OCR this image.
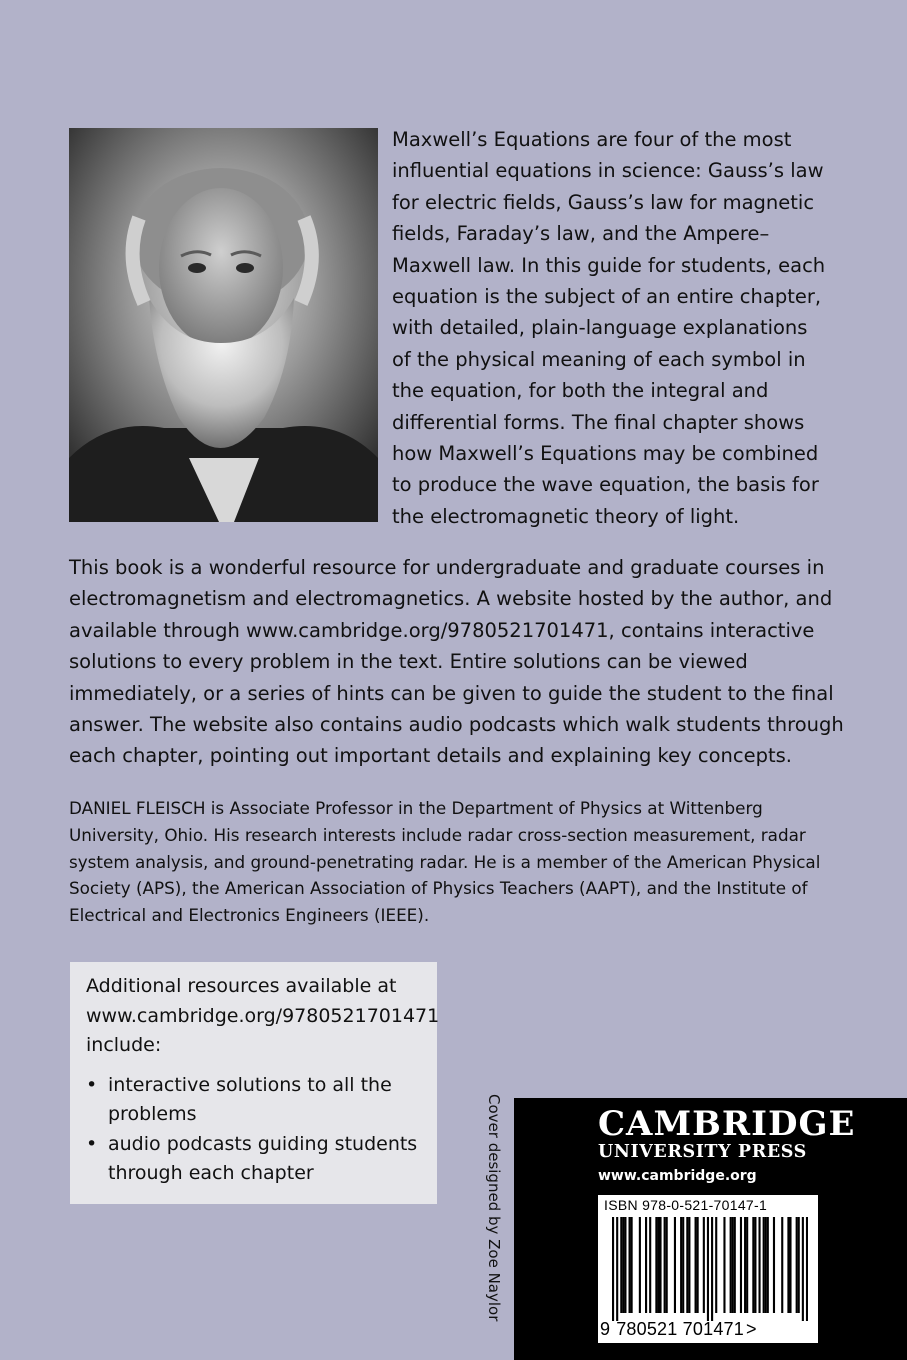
Maxwell’s Equations are four of the most influential equations in science: Gauss’s law for electric fields, Gauss’s law for magnetic fields, Faraday’s law, and the Ampere–Maxwell law. In this guide for students, each equation is the subject of an entire chapter, with detailed, plain-language explanations of the physical meaning of each symbol in the equation, for both the integral and differential forms. The final chapter shows how Maxwell’s Equations may be combined to produce the wave equation, the basis for the electromagnetic theory of light.

This book is a wonderful resource for undergraduate and graduate courses in electromagnetism and electromagnetics. A website hosted by the author, and available through www.cambridge.org/9780521701471, contains interactive solutions to every problem in the text. Entire solutions can be viewed immediately, or a series of hints can be given to guide the student to the final answer. The website also contains audio podcasts which walk students through each chapter, pointing out important details and explaining key concepts.

DANIEL FLEISCH is Associate Professor in the Department of Physics at Wittenberg University, Ohio. His research interests include radar cross-section measurement, radar system analysis, and ground-penetrating radar. He is a member of the American Physical Society (APS), the American Association of Physics Teachers (AAPT), and the Institute of Electrical and Electronics Engineers (IEEE).

Additional resources available at www.cambridge.org/9780521701471 include:

• interactive solutions to all the problems
• audio podcasts guiding students through each chapter	Cover designed by Zoe Naylor	CAMBRIDGE

UNIVERSITY PRESS

www.cambridge.org

ISBN 978-0-521-70147-1
9 780521 701471 >
